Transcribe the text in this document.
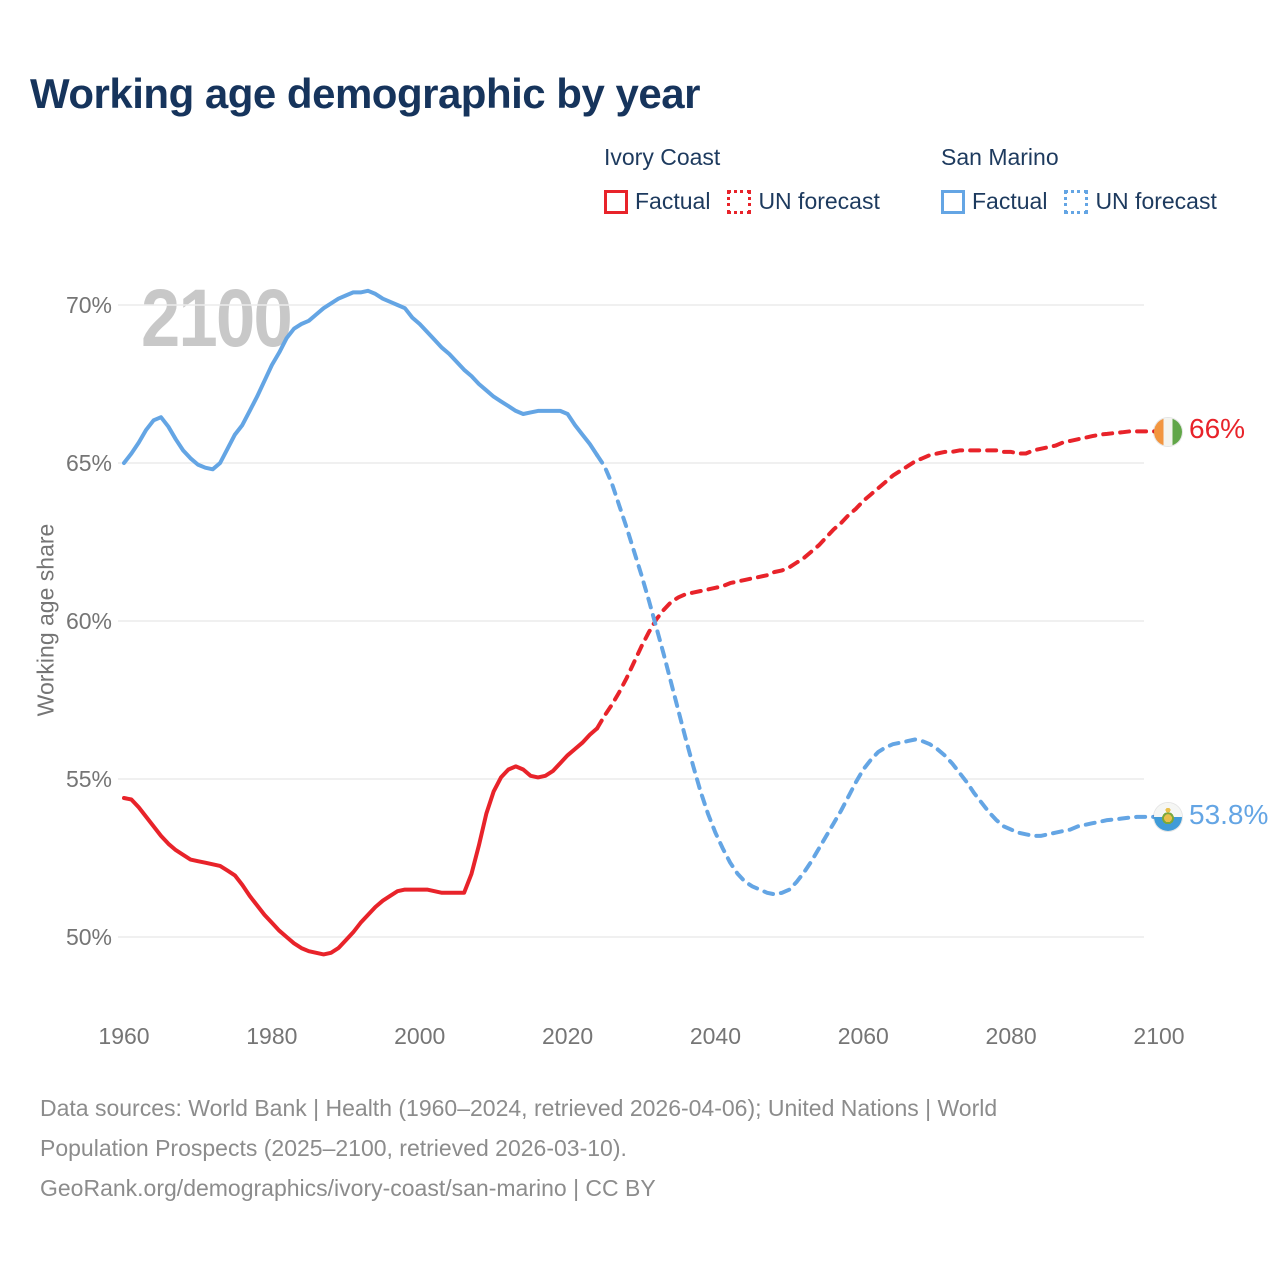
Working age demographic by year
Ivory Coast
Factual UN forecast
San Marino
Factual UN forecast
2100
70%
65%
60%
55%
50%
1960	1980	2000	2020	2040	2060	2080	2100
Working age share
66%
53.8%
Data sources: World Bank | Health (1960–2024, retrieved 2026-04-06); United Nations | World
Population Prospects (2025–2100, retrieved 2026-03-10).
GeoRank.org/demographics/ivory-coast/san-marino | CC BY
